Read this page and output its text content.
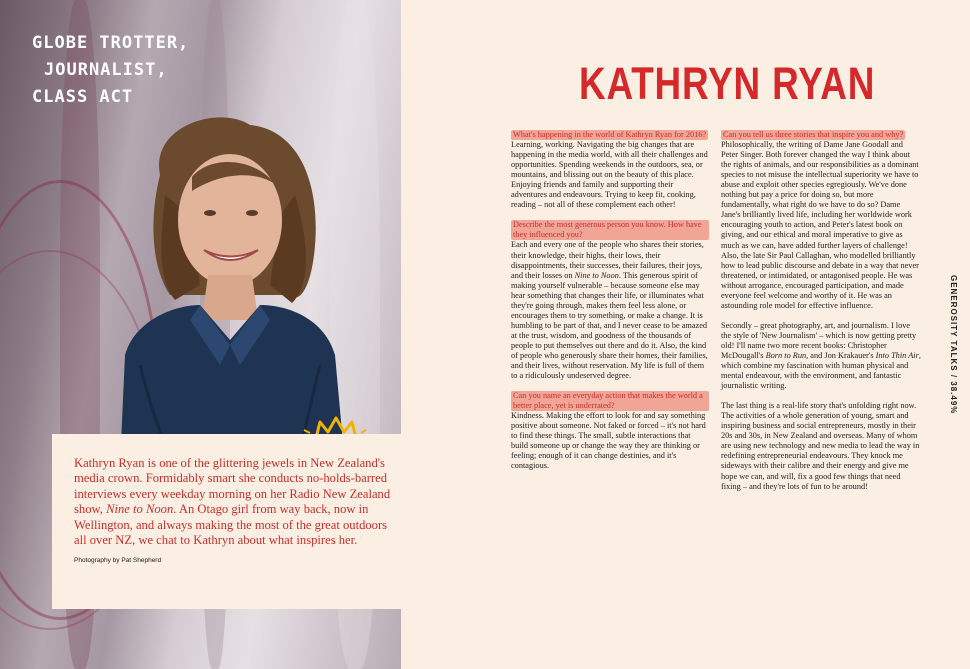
GLOBE TROTTER,
JOURNALIST,
CLASS ACT

Kathryn Ryan is one of the glittering jewels in New Zealand's media crown. Formidably smart she conducts no-holds-barred interviews every weekday morning on her Radio New Zealand show, Nine to Noon. An Otago girl from way back, now in Wellington, and always making the most of the great outdoors all over NZ, we chat to Kathryn about what inspires her.

Photography by Pat Shepherd

KATHRYN RYAN
What's happening in the world of Kathryn Ryan for 2016?

Learning, working. Navigating the big changes that are happening in the media world, with all their challenges and opportunities. Spending weekends in the outdoors, sea, or mountains, and blissing out on the beauty of this place. Enjoying friends and family and supporting their adventures and endeavours. Trying to keep fit, cooking, reading – not all of these complement each other!

Describe the most generous person you know. How have they influenced you?

Each and every one of the people who shares their stories, their knowledge, their highs, their lows, their disappointments, their successes, their failures, their joys, and their losses on Nine to Noon. This generous spirit of making yourself vulnerable – because someone else may hear something that changes their life, or illuminates what they're going through, makes them feel less alone, or encourages them to try something, or make a change. It is humbling to be part of that, and I never cease to be amazed at the trust, wisdom, and goodness of the thousands of people to put themselves out there and do it. Also, the kind of people who generously share their homes, their families, and their lives, without reservation. My life is full of them to a ridiculously undeserved degree.

Can you name an everyday action that makes the world a better place, yet is underrated?

Kindness. Making the effort to look for and say something positive about someone. Not faked or forced – it's not hard to find these things. The small, subtle interactions that build someone up or change the way they are thinking or feeling; enough of it can change destinies, and it's contagious.

Can you tell us three stories that inspire you and why?

Philosophically, the writing of Dame Jane Goodall and Peter Singer. Both forever changed the way I think about the rights of animals, and our responsibilities as a dominant species to not misuse the intellectual superiority we have to abuse and exploit other species egregiously. We've done nothing but pay a price for doing so, but more fundamentally, what right do we have to do so? Dame Jane's brilliantly lived life, including her worldwide work encouraging youth to action, and Peter's latest book on giving, and our ethical and moral imperative to give as much as we can, have added further layers of challenge! Also, the late Sir Paul Callaghan, who modelled brilliantly how to lead public discourse and debate in a way that never threatened, or intimidated, or antagonised people. He was without arrogance, encouraged participation, and made everyone feel welcome and worthy of it. He was an astounding role model for effective influence.

Secondly – great photography, art, and journalism. I love the style of 'New Journalism' – which is now getting pretty old! I'll name two more recent books: Christopher McDougall's Born to Run, and Jon Krakauer's Into Thin Air, which combine my fascination with human physical and mental endeavour, with the environment, and fantastic journalistic writing.

The last thing is a real-life story that's unfolding right now. The activities of a whole generation of young, smart and inspiring business and social entrepreneurs, mostly in their 20s and 30s, in New Zealand and overseas. Many of whom are using new technology and new media to lead the way in redefining entrepreneurial endeavours. They knock me sideways with their calibre and their energy and give me hope we can, and will, fix a good few things that need fixing – and they're lots of fun to be around!

GENEROSITY TALKS / 38.49%
